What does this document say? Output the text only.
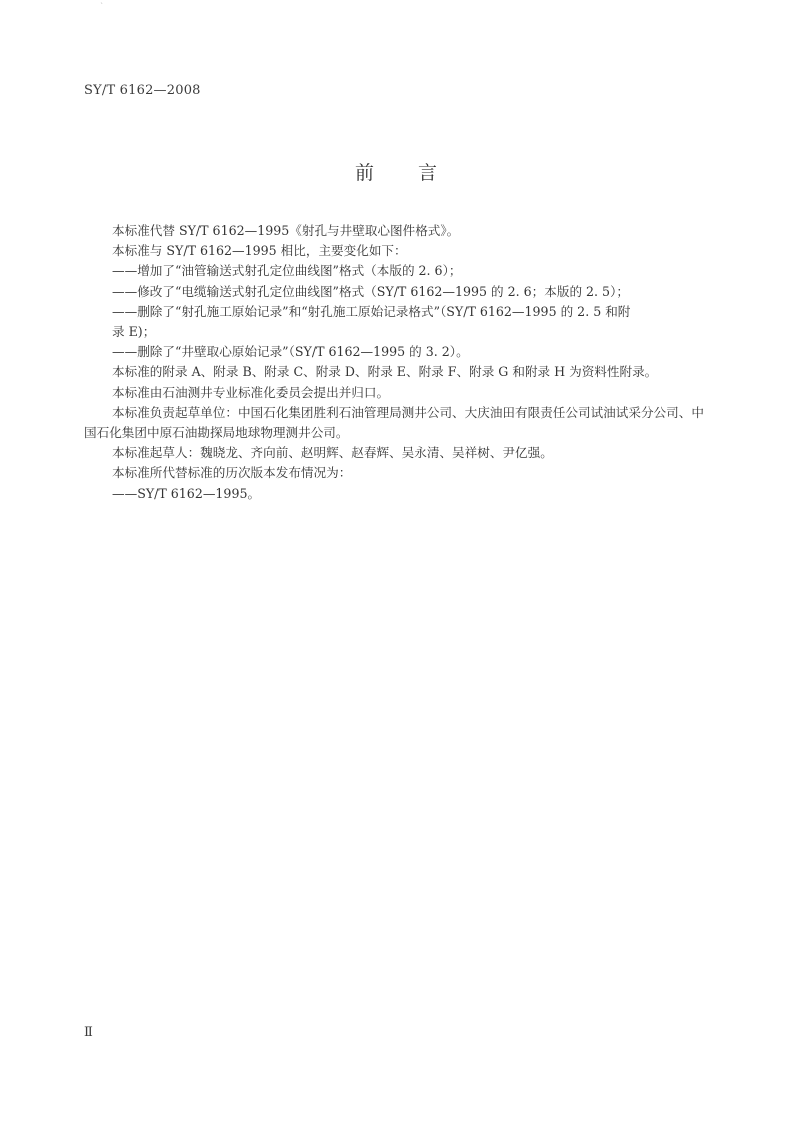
`
SY/T 6162—2008
前 言

本标准代替 SY/T 6162—1995《射孔与井壁取心图件格式》。

本标准与 SY/T 6162—1995 相比，主要变化如下：

——增加了“油管输送式射孔定位曲线图”格式（本版的 2. 6）；

——修改了“电缆输送式射孔定位曲线图”格式（SY/T 6162—1995 的 2. 6；本版的 2. 5）；

——删除了“射孔施工原始记录”和“射孔施工原始记录格式”（SY/T 6162—1995 的 2. 5 和附

录 E)；

——删除了“井壁取心原始记录”（SY/T 6162—1995 的 3. 2）。

本标准的附录 A、附录 B、附录 C、附录 D、附录 E、附录 F、附录 G 和附录 H 为资料性附录。

本标准由石油测井专业标准化委员会提出并归口。

本标准负责起草单位：中国石化集团胜利石油管理局测井公司、大庆油田有限责任公司试油试采分公司、中国石化集团中原石油勘探局地球物理测井公司。

本标准起草人：魏晓龙、齐向前、赵明辉、赵春辉、吴永清、吴祥树、尹亿强。

本标准所代替标准的历次版本发布情况为：

——SY/T 6162—1995。

Ⅱ
